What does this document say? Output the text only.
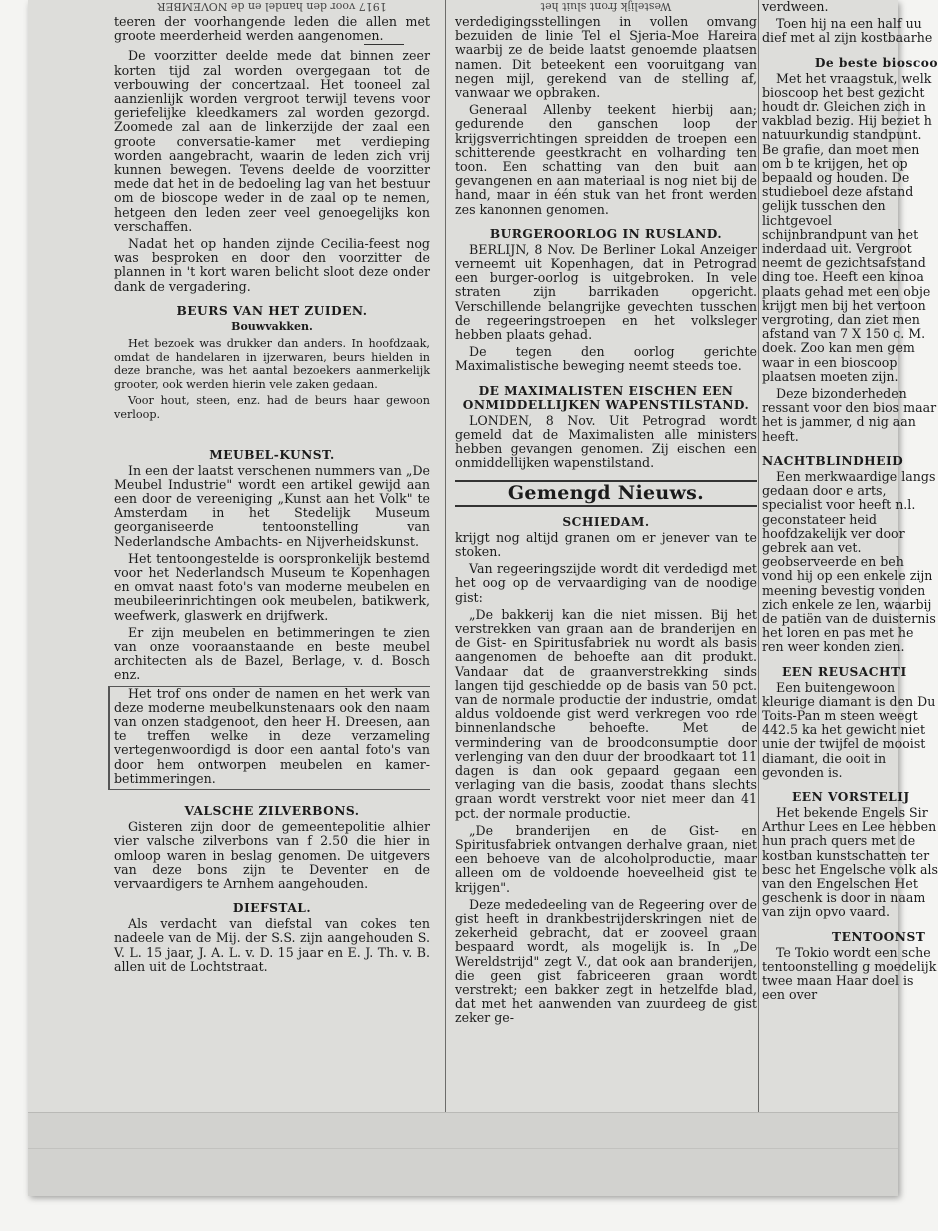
1917 voor den handel en de NOVEMBER

teeren der voorhangende leden die allen met groote meerderheid werden aangenomen.

De voorzitter deelde mede dat binnen zeer korten tijd zal worden overgegaan tot de verbouwing der concertzaal. Het tooneel zal aanzienlijk worden vergroot terwijl tevens voor geriefelijke kleedkamers zal worden gezorgd. Zoomede zal aan de linkerzijde der zaal een groote conversatie-kamer met verdieping worden aangebracht, waarin de leden zich vrij kunnen bewegen. Tevens deelde de voorzitter mede dat het in de bedoeling lag van het bestuur om de bioscope weder in de zaal op te nemen, hetgeen den leden zeer veel genoegelijks kon verschaffen.

Nadat het op handen zijnde Cecilia-feest nog was besproken en door den voorzitter de plannen in 't kort waren belicht sloot deze onder dank de vergadering.

BEURS VAN HET ZUIDEN.
Bouwvakken.

Het bezoek was drukker dan anders. In hoofdzaak, omdat de handelaren in ijzerwaren, beurs hielden in deze branche, was het aantal bezoekers aanmerkelijk grooter, ook werden hierin vele zaken gedaan.

Voor hout, steen, enz. had de beurs haar gewoon verloop.

MEUBEL-KUNST.

In een der laatst verschenen nummers van „De Meubel Industrie" wordt een artikel gewijd aan een door de vereeniging „Kunst aan het Volk" te Amsterdam in het Stedelijk Museum georganiseerde tentoonstelling van Nederlandsche Ambachts- en Nijverheidskunst.

Het tentoongestelde is oorspronkelijk bestemd voor het Nederlandsch Museum te Kopenhagen en omvat naast foto's van moderne meubelen en meubileerinrichtingen ook meubelen, batikwerk, weefwerk, glaswerk en drijfwerk.

Er zijn meubelen en betimmeringen te zien van onze vooraanstaande en beste meubel architecten als de Bazel, Berlage, v. d. Bosch enz.

Het trof ons onder de namen en het werk van deze moderne meubelkunstenaars ook den naam van onzen stadgenoot, den heer H. Dreesen, aan te treffen welke in deze verzameling vertegenwoordigd is door een aantal foto's van door hem ontworpen meubelen en kamer-betimmeringen.

VALSCHE ZILVERBONS.

Gisteren zijn door de gemeentepolitie alhier vier valsche zilverbons van f 2.50 die hier in omloop waren in beslag genomen. De uitgevers van deze bons zijn te Deventer en de vervaardigers te Arnhem aangehouden.

DIEFSTAL.

Als verdacht van diefstal van cokes ten nadeele van de Mij. der S.S. zijn aangehouden S. V. L. 15 jaar, J. A. L. v. D. 15 jaar en E. J. Th. v. B. allen uit de Lochtstraat.

Westelijk front sluit het

verdedigingsstellingen in vollen omvang bezuiden de linie Tel el Sjeria-Moe Hareira waarbij ze de beide laatst genoemde plaatsen namen. Dit beteekent een vooruitgang van negen mijl, gerekend van de stelling af, vanwaar we opbraken.

Generaal Allenby teekent hierbij aan; gedurende den ganschen loop der krijgsverrichtingen spreidden de troepen een schitterende geestkracht en volharding ten toon. Een schatting van den buit aan gevangenen en aan materiaal is nog niet bij de hand, maar in één stuk van het front werden zes kanonnen genomen.

BURGEROORLOG IN RUSLAND.

BERLIJN, 8 Nov. De Berliner Lokal Anzeiger verneemt uit Kopenhagen, dat in Petrograd een burger-oorlog is uitgebroken. In vele straten zijn barrikaden opgericht. Verschillende belangrijke gevechten tusschen de regeeringstroepen en het volksleger hebben plaats gehad.

De tegen den oorlog gerichte Maximalistische beweging neemt steeds toe.

DE MAXIMALISTEN EISCHEN EEN ONMIDDELLIJKEN WAPENSTILSTAND.

LONDEN, 8 Nov. Uit Petrograd wordt gemeld dat de Maximalisten alle ministers hebben gevangen genomen. Zij eischen een onmiddellijken wapenstilstand.

Gemengd Nieuws.
SCHIEDAM.

krijgt nog altijd granen om er jenever van te stoken.

Van regeeringszijde wordt dit verdedigd met het oog op de vervaardiging van de noodige gist:

„De bakkerij kan die niet missen. Bij het verstrekken van graan aan de branderijen en de Gist- en Spiritusfabriek nu wordt als basis aangenomen de behoefte aan dit produkt. Vandaar dat de graanverstrekking sinds langen tijd geschiedde op de basis van 50 pct. van de normale productie der industrie, omdat aldus voldoende gist werd verkregen voo rde binnenlandsche behoefte. Met de vermindering van de broodconsumptie door verlenging van den duur der broodkaart tot 11 dagen is dan ook gepaard gegaan een verlaging van die basis, zoodat thans slechts graan wordt verstrekt voor niet meer dan 41 pct. der normale productie.

„De branderijen en de Gist- en Spiritusfabriek ontvangen derhalve graan, niet een behoeve van de alcoholproductie, maar alleen om de voldoende hoeveelheid gist te krijgen".

Deze mededeeling van de Regeering over de gist heeft in drankbestrijderskringen niet de zekerheid gebracht, dat er zooveel graan bespaard wordt, als mogelijk is. In „De Wereldstrijd" zegt V., dat ook aan branderijen, die geen gist fabriceeren graan wordt verstrekt; een bakker zegt in hetzelfde blad, dat met het aanwenden van zuurdeeg de gist zeker ge-

verdween.

Toen hij na een half uu dief met al zijn kostbaarhe

De beste bioscoo

Met het vraagstuk, welk bioscoop het best gezicht houdt dr. Gleichen zich in vakblad bezig. Hij beziet h natuurkundig standpunt. Be grafie, dan moet men om b te krijgen, het op bepaald og houden. De studieboel deze afstand gelijk tusschen den lichtgevoel schijnbrandpunt van het inderdaad uit. Vergroot neemt de gezichtsafstand ding toe. Heeft een kinoa plaats gehad met een obje krijgt men bij het vertoon vergroting, dan ziet men afstand van 7 X 150 c. M. doek. Zoo kan men gem waar in een bioscoop plaatsen moeten zijn.

Deze bizonderheden ressant voor den bios maar het is jammer, d nig aan heeft.

NACHTBLINDHEID

Een merkwaardige langs gedaan door e arts, specialist voor heeft n.l. geconstateer heid hoofdzakelijk ver door gebrek aan vet. geobserveerde en beh vond hij op een enkele zijn meening bevestig vonden zich enkele ze len, waarbij de patiën van de duisternis het loren en pas met he ren weer konden zien.

EEN REUSACHTI

Een buitengewoon kleurige diamant is den Du Toits-Pan m steen weegt 442.5 ka het gewicht niet unie der twijfel de mooist diamant, die ooit in gevonden is.

EEN VORSTELIJ

Het bekende Engels Sir Arthur Lees en Lee hebben hun prach quers met de kostban kunstschatten ter besc het Engelsche volk als van den Engelschen Het geschenk is door in naam van zijn opvo vaard.

TENTOONST

Te Tokio wordt een sche tentoonstelling g moedelijk twee maan Haar doel is een over
